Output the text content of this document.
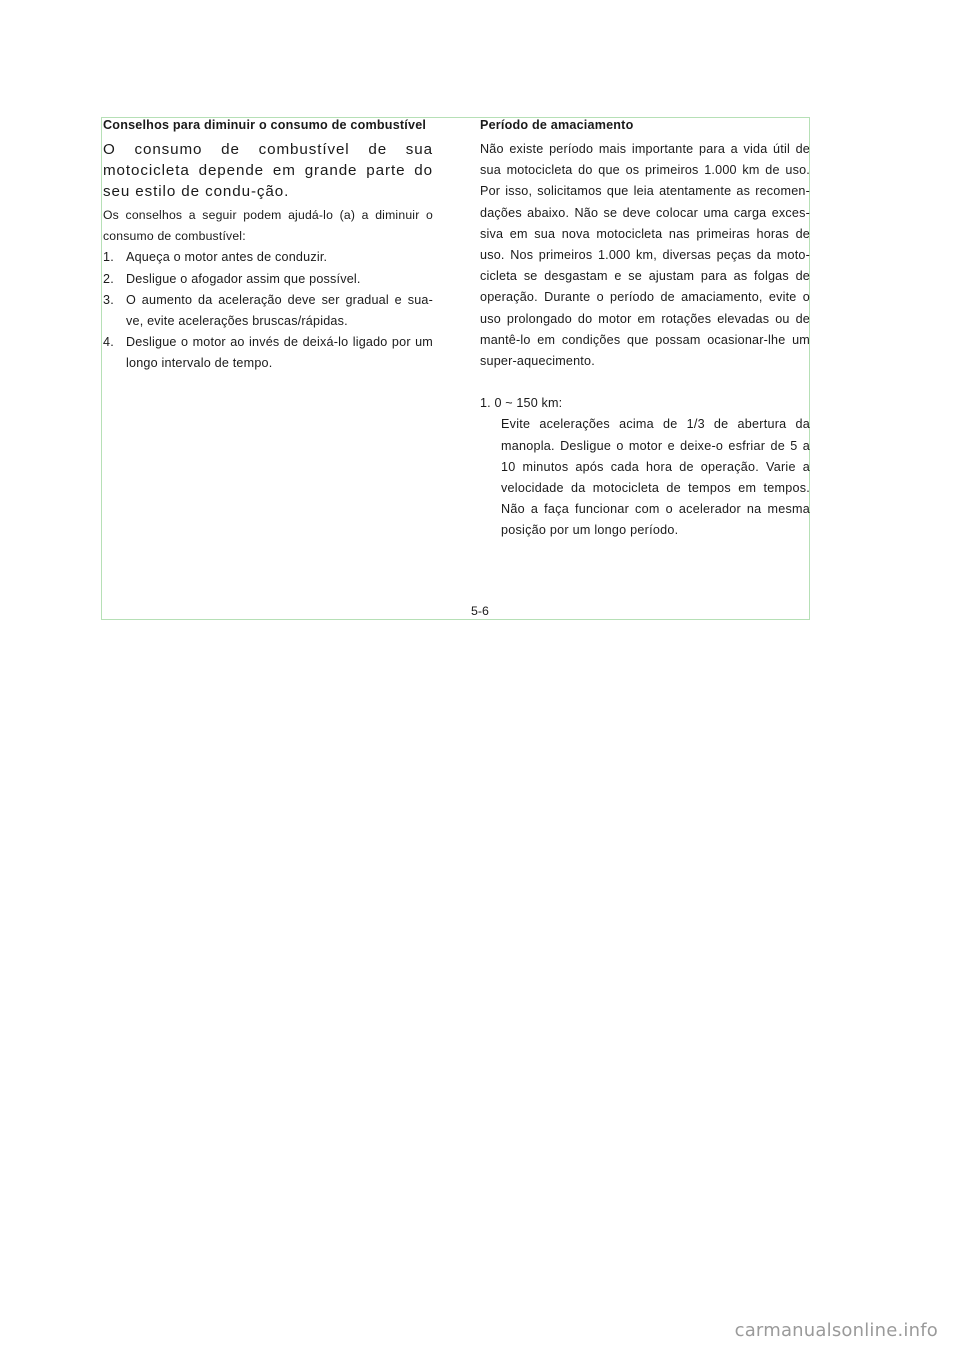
Conselhos para diminuir o consumo de combustível

O consumo de combustível de sua motocicleta depende em grande parte do seu estilo de condu-ção.

Os conselhos a seguir podem ajudá-lo (a) a diminuir o consumo de combustível:

1. Aqueça o motor antes de conduzir.
2. Desligue o afogador assim que possível.
3. O aumento da aceleração deve ser gradual e sua-ve, evite acelerações bruscas/rápidas.
4. Desligue o motor ao invés de deixá-lo ligado por um longo intervalo de tempo.
Período de amaciamento

Não existe período mais importante para a vida útil de sua motocicleta do que os primeiros 1.000 km de uso. Por isso, solicitamos que leia atentamente as recomen-dações abaixo. Não se deve colocar uma carga exces-siva em sua nova motocicleta nas primeiras horas de uso. Nos primeiros 1.000 km, diversas peças da moto-cicleta se desgastam e se ajustam para as folgas de operação. Durante o período de amaciamento, evite o uso prolongado do motor em rotações elevadas ou de mantê-lo em condições que possam ocasionar-lhe um super-aquecimento.

1. 0 ~ 150 km:
Evite acelerações acima de 1/3 de abertura da manopla. Desligue o motor e deixe-o esfriar de 5 a 10 minutos após cada hora de operação. Varie a velocidade da motocicleta de tempos em tempos. Não a faça funcionar com o acelerador na mesma posição por um longo período.
5-6
carmanualsonline.info
